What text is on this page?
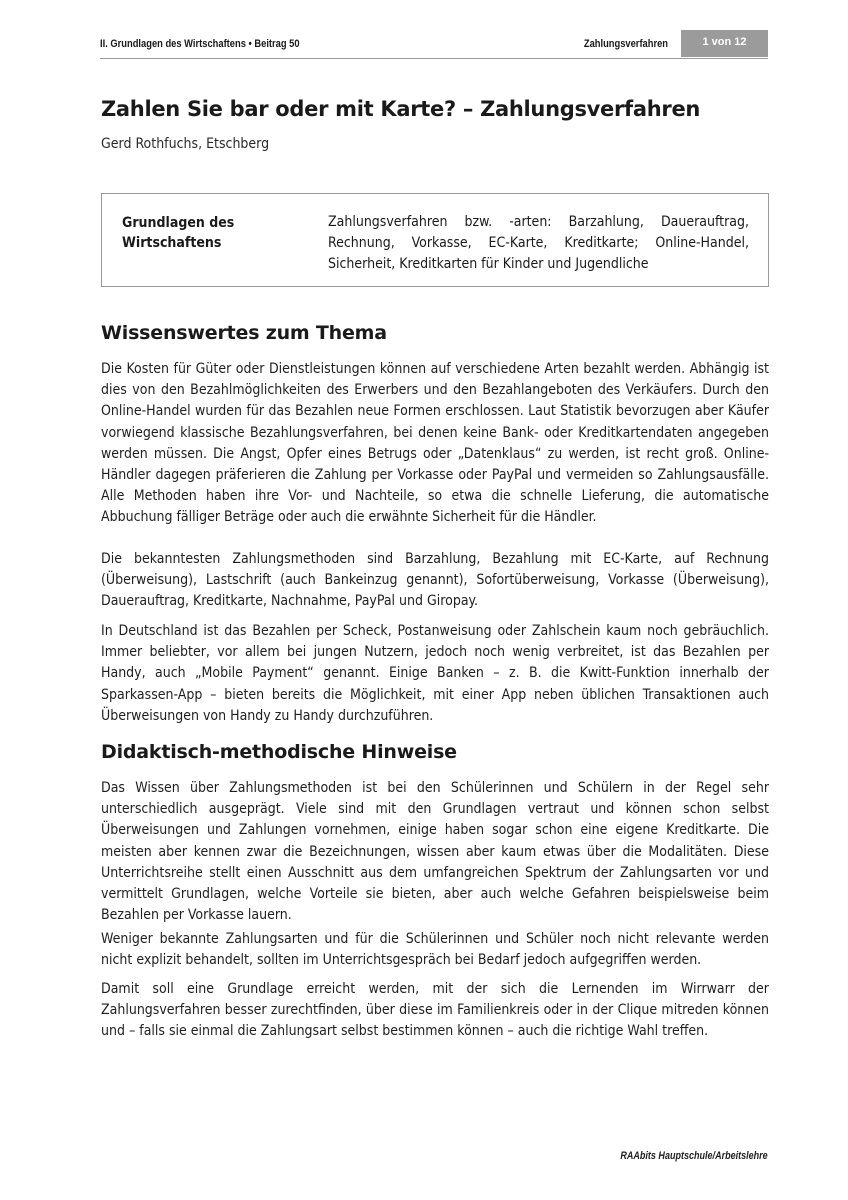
II. Grundlagen des Wirtschaftens • Beitrag 50	Zahlungsverfahren	1 von 12
Zahlen Sie bar oder mit Karte? – Zahlungsverfahren
Gerd Rothfuchs, Etschberg
Grundlagen des
Wirtschaftens
Zahlungsverfahren bzw. -arten: Barzahlung, Dauerauftrag, Rechnung, Vorkasse, EC-Karte, Kreditkarte; Online-Handel, Sicherheit, Kreditkarten für Kinder und Jugendliche
Wissenswertes zum Thema

Die Kosten für Güter oder Dienstleistungen können auf verschiedene Arten bezahlt werden. Abhängig ist dies von den Bezahlmöglichkeiten des Erwerbers und den Bezahlangeboten des Verkäufers. Durch den Online-Handel wurden für das Bezahlen neue Formen erschlossen. Laut Statistik bevorzugen aber Käufer vorwiegend klassische Bezahlungsverfahren, bei denen keine Bank- oder Kreditkartendaten angegeben werden müssen. Die Angst, Opfer eines Betrugs oder „Datenklaus“ zu werden, ist recht groß. Online-Händler dagegen präferieren die Zahlung per Vorkasse oder PayPal und vermeiden so Zahlungsausfälle. Alle Methoden haben ihre Vor- und Nachteile, so etwa die schnelle Lieferung, die automatische Abbuchung fälliger Beträge oder auch die erwähnte Sicherheit für die Händler.

Die bekanntesten Zahlungsmethoden sind Barzahlung, Bezahlung mit EC-Karte, auf Rechnung (Überweisung), Lastschrift (auch Bankeinzug genannt), Sofortüberweisung, Vorkasse (Überweisung), Dauerauftrag, Kreditkarte, Nachnahme, PayPal und Giropay.

In Deutschland ist das Bezahlen per Scheck, Postanweisung oder Zahlschein kaum noch gebräuchlich. Immer beliebter, vor allem bei jungen Nutzern, jedoch noch wenig verbreitet, ist das Bezahlen per Handy, auch „Mobile Payment“ genannt. Einige Banken – z. B. die Kwitt-Funktion innerhalb der Sparkassen-App – bieten bereits die Möglichkeit, mit einer App neben üblichen Transaktionen auch Überweisungen von Handy zu Handy durchzuführen.

Didaktisch-methodische Hinweise

Das Wissen über Zahlungsmethoden ist bei den Schülerinnen und Schülern in der Regel sehr unterschiedlich ausgeprägt. Viele sind mit den Grundlagen vertraut und können schon selbst Überweisungen und Zahlungen vornehmen, einige haben sogar schon eine eigene Kreditkarte. Die meisten aber kennen zwar die Bezeichnungen, wissen aber kaum etwas über die Modalitäten. Diese Unterrichtsreihe stellt einen Ausschnitt aus dem umfangreichen Spektrum der Zahlungsarten vor und vermittelt Grundlagen, welche Vorteile sie bieten, aber auch welche Gefahren beispielsweise beim Bezahlen per Vorkasse lauern.

Weniger bekannte Zahlungsarten und für die Schülerinnen und Schüler noch nicht relevante werden nicht explizit behandelt, sollten im Unterrichtsgespräch bei Bedarf jedoch aufgegriffen werden.

Damit soll eine Grundlage erreicht werden, mit der sich die Lernenden im Wirrwarr der Zahlungsverfahren besser zurechtfinden, über diese im Familienkreis oder in der Clique mitreden können und – falls sie einmal die Zahlungsart selbst bestimmen können – auch die richtige Wahl treffen.

RAAbits Hauptschule/Arbeitslehre
